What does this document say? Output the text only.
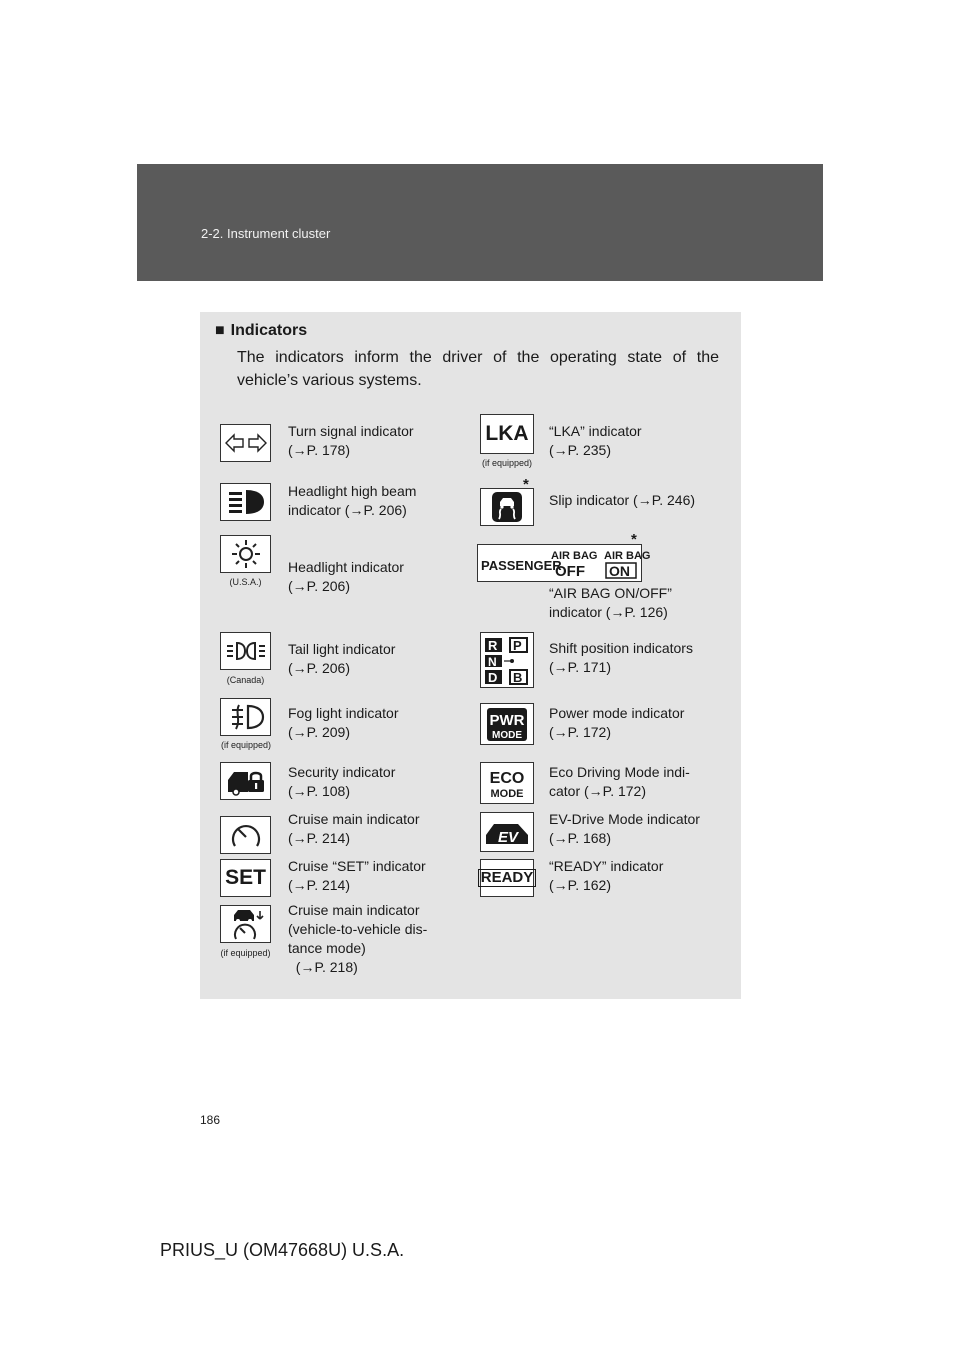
2-2. Instrument cluster
■ Indicators
The indicators inform the driver of the operating state of the vehicle’s various systems.
Turn signal indicator
(→P. 178)
Headlight high beam
indicator (→P. 206)
(U.S.A.)
Headlight indicator
(→P. 206)
(Canada)
Tail light indicator
(→P. 206)
(if equipped)
Fog light indicator
(→P. 209)
Security indicator
(→P. 108)
Cruise main indicator
(→P. 214)
SET Cruise “SET” indicator
(→P. 214)
(if equipped)
Cruise main indicator
(vehicle-to-vehicle dis-
tance mode)
(→P. 218)
LKA
(if equipped)
“LKA” indicator
(→P. 235)
*
Slip indicator (→P. 246)
PASSENGER
AIR BAG
OFF
AIR BAG
ON
*
“AIR BAG ON/OFF”
indicator (→P. 126)
R P
N
D B
Shift position indicators
(→P. 171)
PWR
MODE
Power mode indicator
(→P. 172)
ECO
MODE
Eco Driving Mode indi-
cator (→P. 172)
EV
EV-Drive Mode indicator
(→P. 168)
READY
“READY” indicator
(→P. 162)
186
PRIUS_U (OM47668U) U.S.A.
